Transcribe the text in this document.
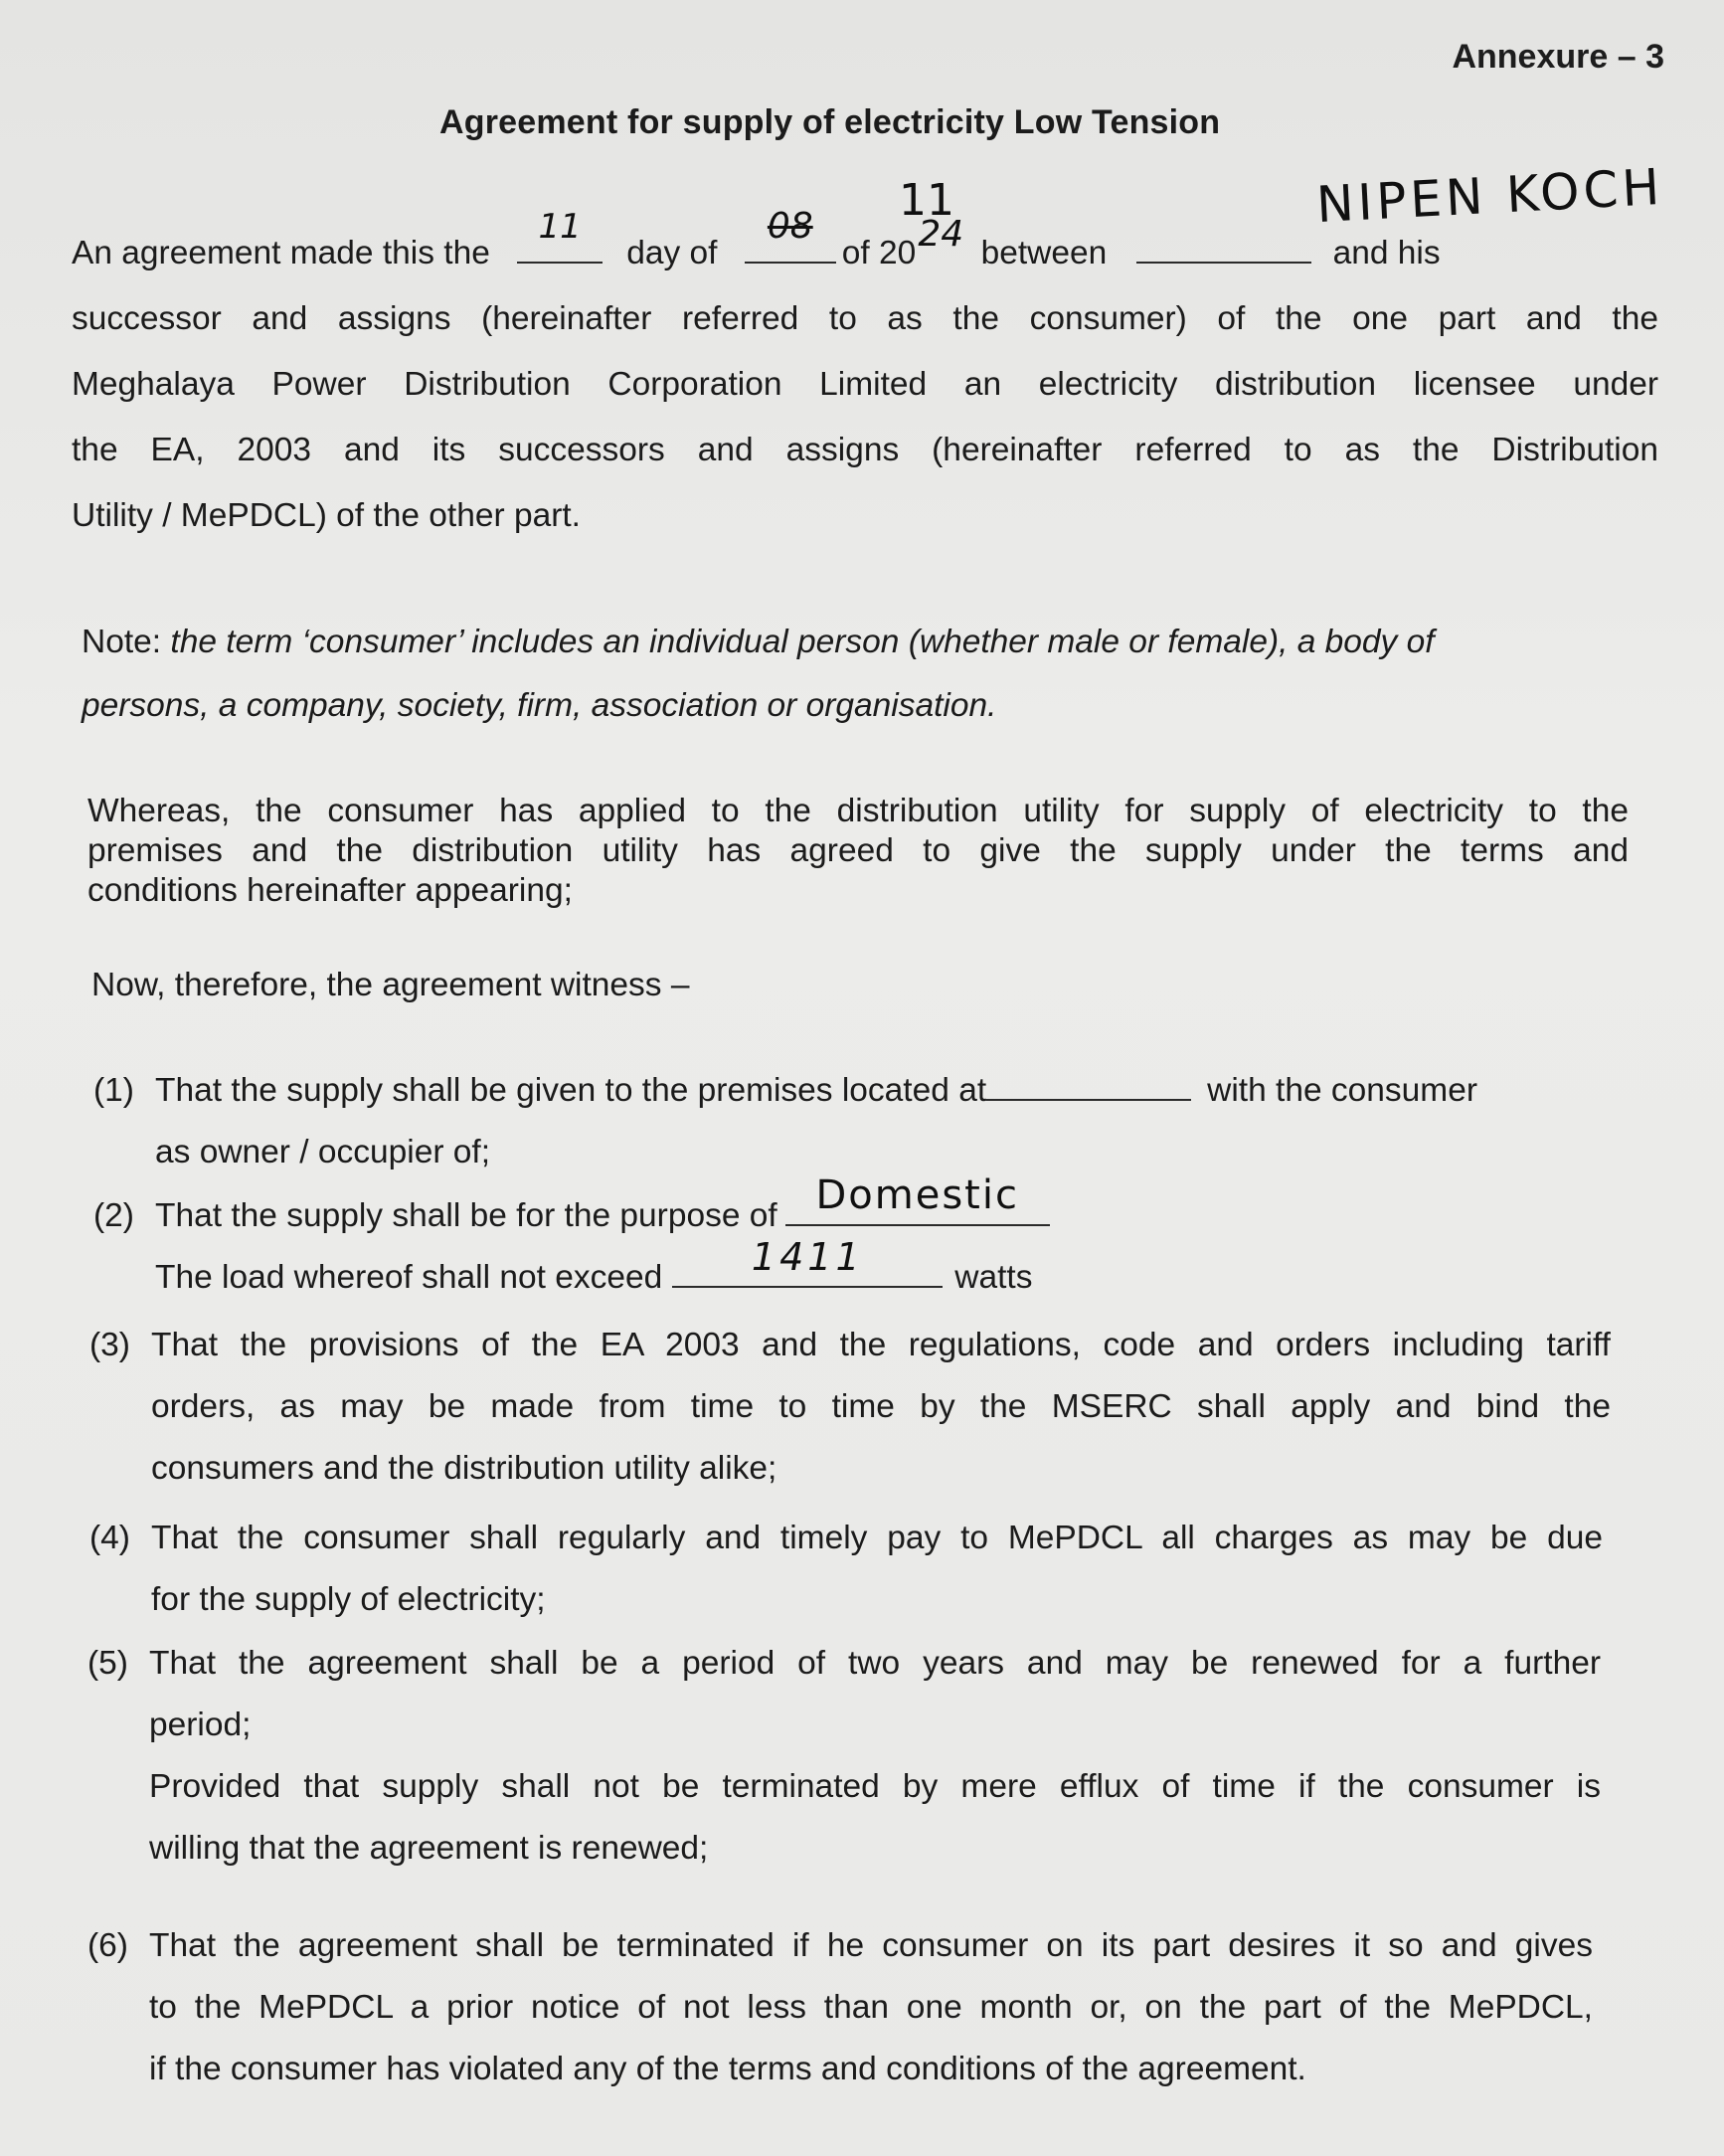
Annexure – 3
Agreement for supply of electricity Low Tension
An agreement made this the
11
day of
08
of 20 24 between	and his
successor and assigns (hereinafter referred to as the consumer) of the one part and the
Meghalaya Power Distribution Corporation Limited an electricity distribution licensee under
the EA, 2003 and its successors and assigns (hereinafter referred to as the Distribution
Utility / MePDCL) of the other part.
11	NIPEN KOCH
Note: the term ‘consumer’ includes an individual person (whether male or female), a body of
persons, a company, society, firm, association or organisation.
Whereas, the consumer has applied to the distribution utility for supply of electricity to the
premises and the distribution utility has agreed to give the supply under the terms and
conditions hereinafter appearing;
Now, therefore, the agreement witness –
(1) That the supply shall be given to the premises located at	with the consumer
as owner / occupier of;
(2) That the supply shall be for the purpose of Domestic
The load whereof shall not exceed	1411	watts
(3) That the provisions of the EA 2003 and the regulations, code and orders including tariff
orders, as may be made from time to time by the MSERC shall apply and bind the
consumers and the distribution utility alike;
(4) That the consumer shall regularly and timely pay to MePDCL all charges as may be due
for the supply of electricity;
(5) That the agreement shall be a period of two years and may be renewed for a further
period;
Provided that supply shall not be terminated by mere efflux of time if the consumer is
willing that the agreement is renewed;
(6) That the agreement shall be terminated if he consumer on its part desires it so and gives
to the MePDCL a prior notice of not less than one month or, on the part of the MePDCL,
if the consumer has violated any of the terms and conditions of the agreement.
